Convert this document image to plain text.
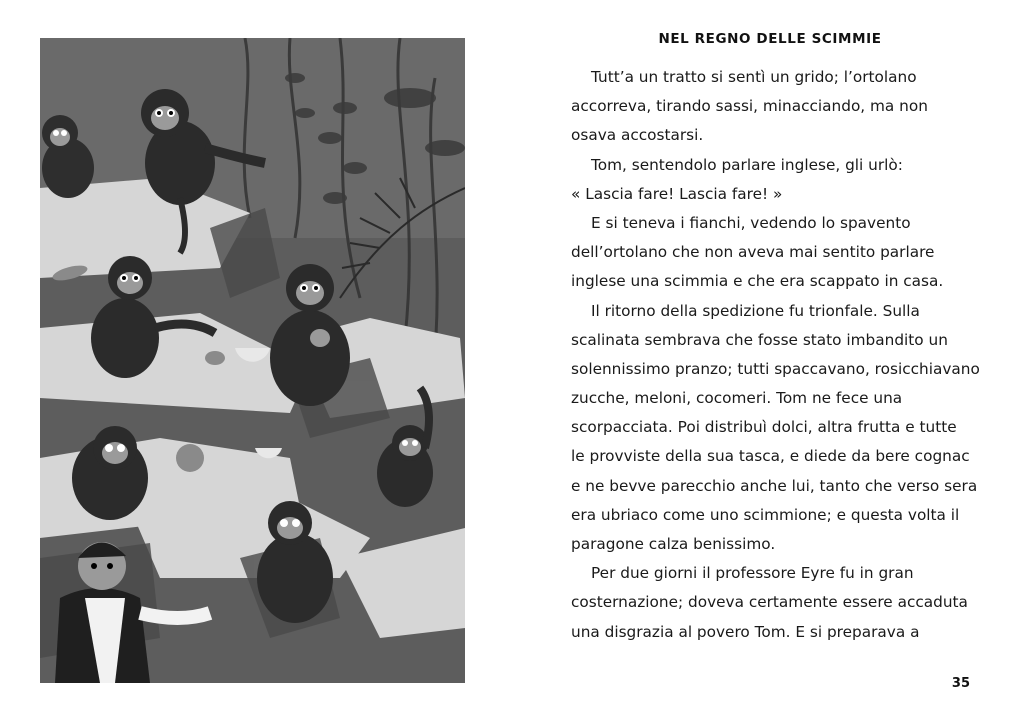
NEL REGNO DELLE SCIMMIE
Tutt’a un tratto si sentì un grido; l’ortolano
accorreva, tirando sassi, minacciando, ma non
osava accostarsi.
Tom, sentendolo parlare inglese, gli urlò:
« Lascia fare! Lascia fare! »
E si teneva i fianchi, vedendo lo spavento
dell’ortolano che non aveva mai sentito parlare
inglese una scimmia e che era scappato in casa.
Il ritorno della spedizione fu trionfale. Sulla
scalinata sembrava che fosse stato imbandito un
solennissimo pranzo; tutti spaccavano, rosicchiavano
zucche, meloni, cocomeri. Tom ne fece una
scorpacciata. Poi distribuì dolci, altra frutta e tutte
le provviste della sua tasca, e diede da bere cognac
e ne bevve parecchio anche lui, tanto che verso sera
era ubriaco come uno scimmione; e questa volta il
paragone calza benissimo.
Per due giorni il professore Eyre fu in gran
costernazione; doveva certamente essere accaduta
una disgrazia al povero Tom. E si preparava a
35
